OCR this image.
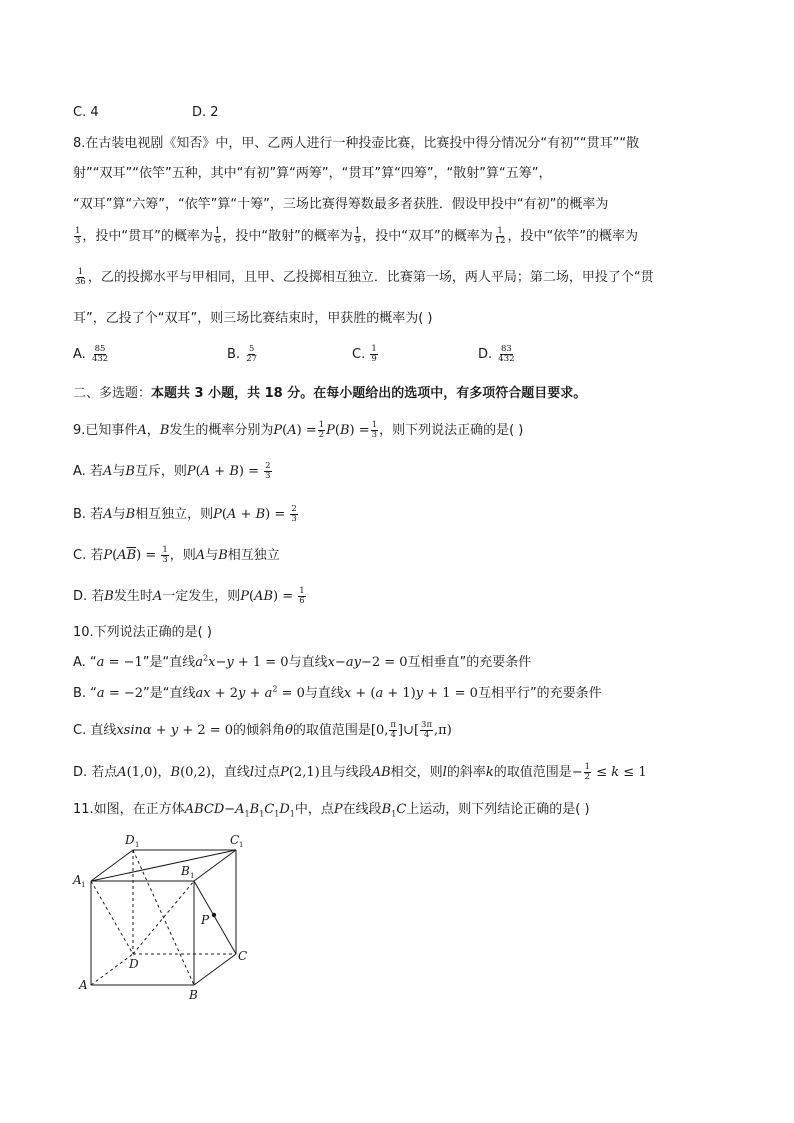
C. 4	D. 2
8.在古装电视剧《知否》中，甲、乙两人进行一种投壶比赛，比赛投中得分情况分“有初”“贯耳”“散
射”“双耳”“依竿”五种，其中“有初”算“两筹”，“贯耳”算“四筹”，“散射”算“五筹”，
“双耳”算“六筹”，“依竿”算“十筹”，三场比赛得筹数最多者获胜．假设甲投中“有初”的概率为
$\frac{1}{3}$ ，投中“贯耳”的概率为 $\frac{1}{6}$ ，投中“散射”的概率为 $\frac{1}{9}$ ，投中“双耳”的概率为 $\frac{1}{12}$ ，投中“依竿”的概率为
$\frac{1}{36}$ ，乙的投掷水平与甲相同，且甲、乙投掷相互独立．比赛第一场，两人平局；第二场，甲投了个“贯
耳”，乙投了个“双耳”，则三场比赛结束时，甲获胜的概率为( )
A. $\frac{85}{432}$	B. $\frac{5}{27}$	C. $\frac{1}{9}$	D. $\frac{83}{432}$
二、多选题：本题共 3 小题，共 18 分。在每小题给出的选项中，有多项符合题目要求。
9.已知事件A，B发生的概率分别为$P(A) = \frac{1}{2} P(B) = \frac{1}{3}$ ，则下列说法正确的是( )
A. 若A与B互斥，则$P(A + B) = \frac{2}{3}$
B. 若A与B相互独立，则$P(A + B) = \frac{2}{3}$
C. 若$P(A\overline{B}) = \frac{1}{3}$ ，则A与B相互独立
D. 若B发生时A一定发生，则$P(AB) = \frac{1}{6}$
10.下列说法正确的是( )
A. “a = −1”是“直线$a^2x-y + 1 = 0$与直线x−ay−2 = 0互相垂直”的充要条件
B. “a = −2”是“直线ax + $2y + a^2 = 0$与直线x + (a + 1)y + 1 = 0互相平行”的充要条件
C. 直线xsinα + y + 2 = 0的倾斜角θ的取值范围是[0, $\frac{\pi}{4}$ ]∪[ $\frac{3\pi}{4} ,\pi$)
D. 若点A(1,0)，B(0,2)，直线l过点P(2,1)且与线段AB相交，则l的斜率k的取值范围是− $\frac{1}{2} \le k \le 1$
11.如图，在正方体$ABCD-A_1B_1C_1D_1$中，点P在线段$B_1C$上运动，则下列结论正确的是( )
D 1	C 1
A 1
B 1
P
D
C
A
B
